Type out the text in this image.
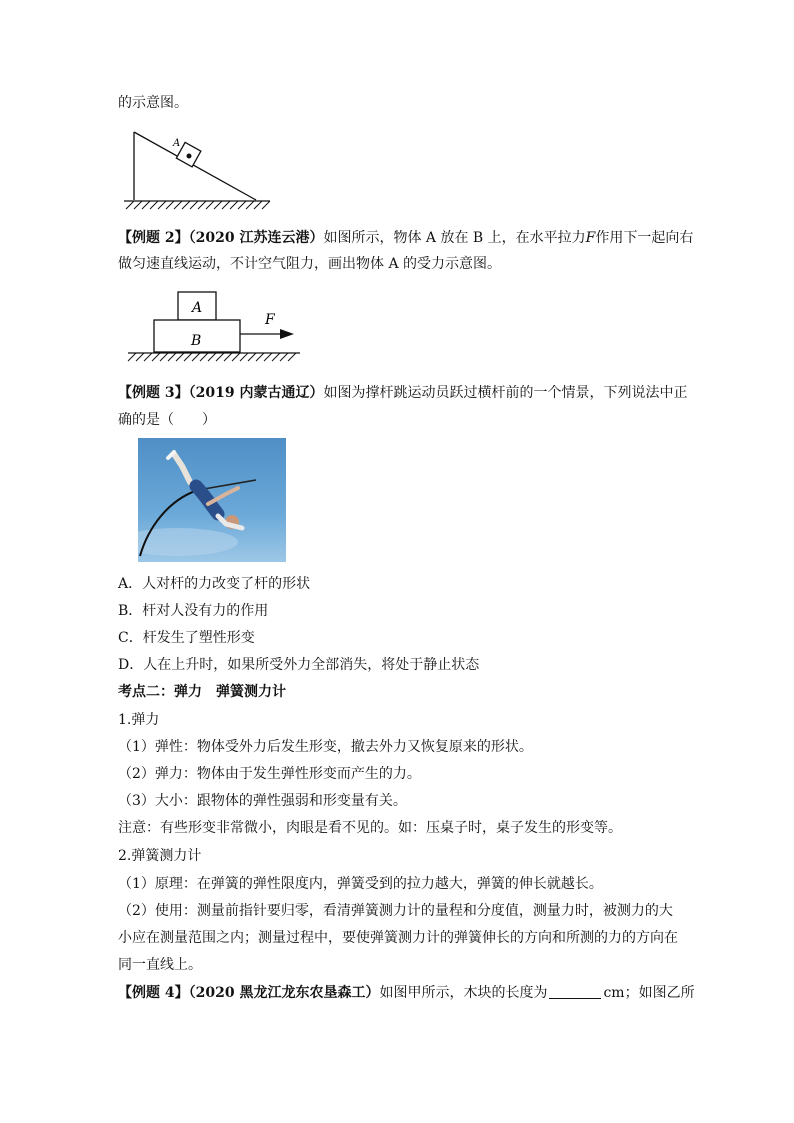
的示意图。
A
【例题 2】（2020 江苏连云港）如图所示，物体 A 放在 B 上，在水平拉力F作用下一起向右
做匀速直线运动，不计空气阻力，画出物体 A 的受力示意图。
A
B
F
【例题 3】（2019 内蒙古通辽）如图为撑杆跳运动员跃过横杆前的一个情景，下列说法中正
确的是（　　）
A．人对杆的力改变了杆的形状
B．杆对人没有力的作用
C．杆发生了塑性形变
D．人在上升时，如果所受外力全部消失，将处于静止状态
考点二：弹力　弹簧测力计
1.弹力
（1）弹性：物体受外力后发生形变，撤去外力又恢复原来的形状。
（2）弹力：物体由于发生弹性形变而产生的力。
（3）大小：跟物体的弹性强弱和形变量有关。
注意：有些形变非常微小，肉眼是看不见的。如：压桌子时，桌子发生的形变等。
2.弹簧测力计
（1）原理：在弹簧的弹性限度内，弹簧受到的拉力越大，弹簧的伸长就越长。
（2）使用：测量前指针要归零，看清弹簧测力计的量程和分度值，测量力时，被测力的大
小应在测量范围之内；测量过程中，要使弹簧测力计的弹簧伸长的方向和所测的力的方向在
同一直线上。
【例题 4】（2020 黑龙江龙东农垦森工）如图甲所示，木块的长度为	cm；如图乙所
